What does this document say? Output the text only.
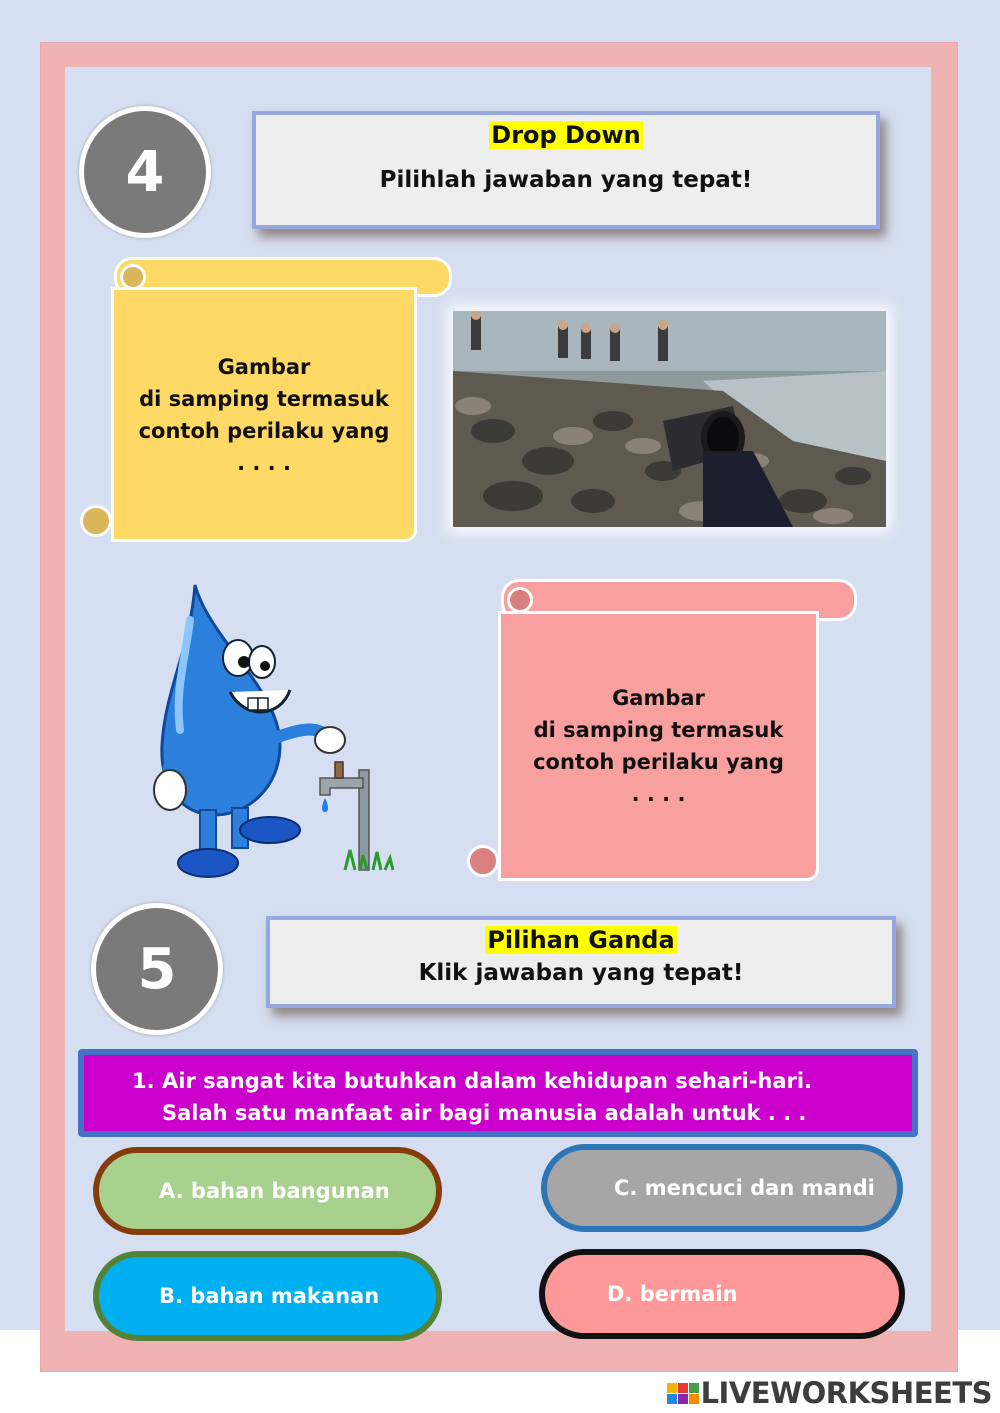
4
Drop Down
Pilihlah jawaban yang tepat!
Gambar
di samping termasuk
contoh perilaku yang
. . . .
Gambar
di samping termasuk
contoh perilaku yang
. . . .
5	Pilihan Ganda
Klik jawaban yang tepat!
1. Air sangat kita butuhkan dalam kehidupan sehari-hari.
Salah satu manfaat air bagi manusia adalah untuk . . .
A. bahan bangunan	C. mencuci dan mandi
B. bahan makanan	D. bermain
LIVEWORKSHEETS
